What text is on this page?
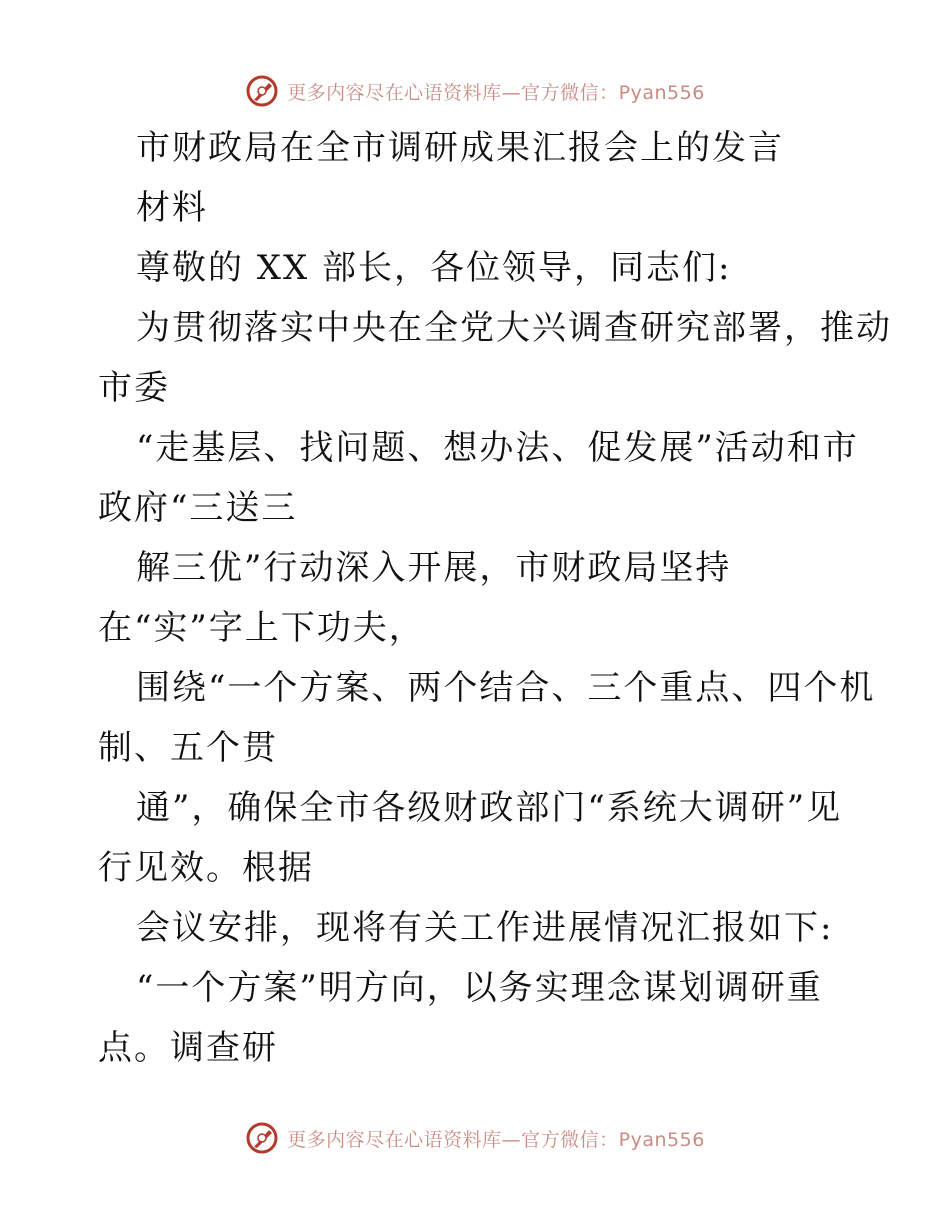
更多内容尽在心语资料库—官方微信：Pyan556
市财政局在全市调研成果汇报会上的发言
材料
尊敬的 XX 部长，各位领导，同志们:
为贯彻落实中央在全党大兴调查研究部署，推动
市委
“走基层、找问题、想办法、促发展”活动和市
政府“三送三
解三优”行动深入开展，市财政局坚持
在“实”字上下功夫，
围绕“一个方案、两个结合、三个重点、四个机
制、五个贯
通”，确保全市各级财政部门“系统大调研”见
行见效。根据
会议安排，现将有关工作进展情况汇报如下:
“一个方案”明方向，以务实理念谋划调研重
点。调查研
更多内容尽在心语资料库—官方微信：Pyan556
